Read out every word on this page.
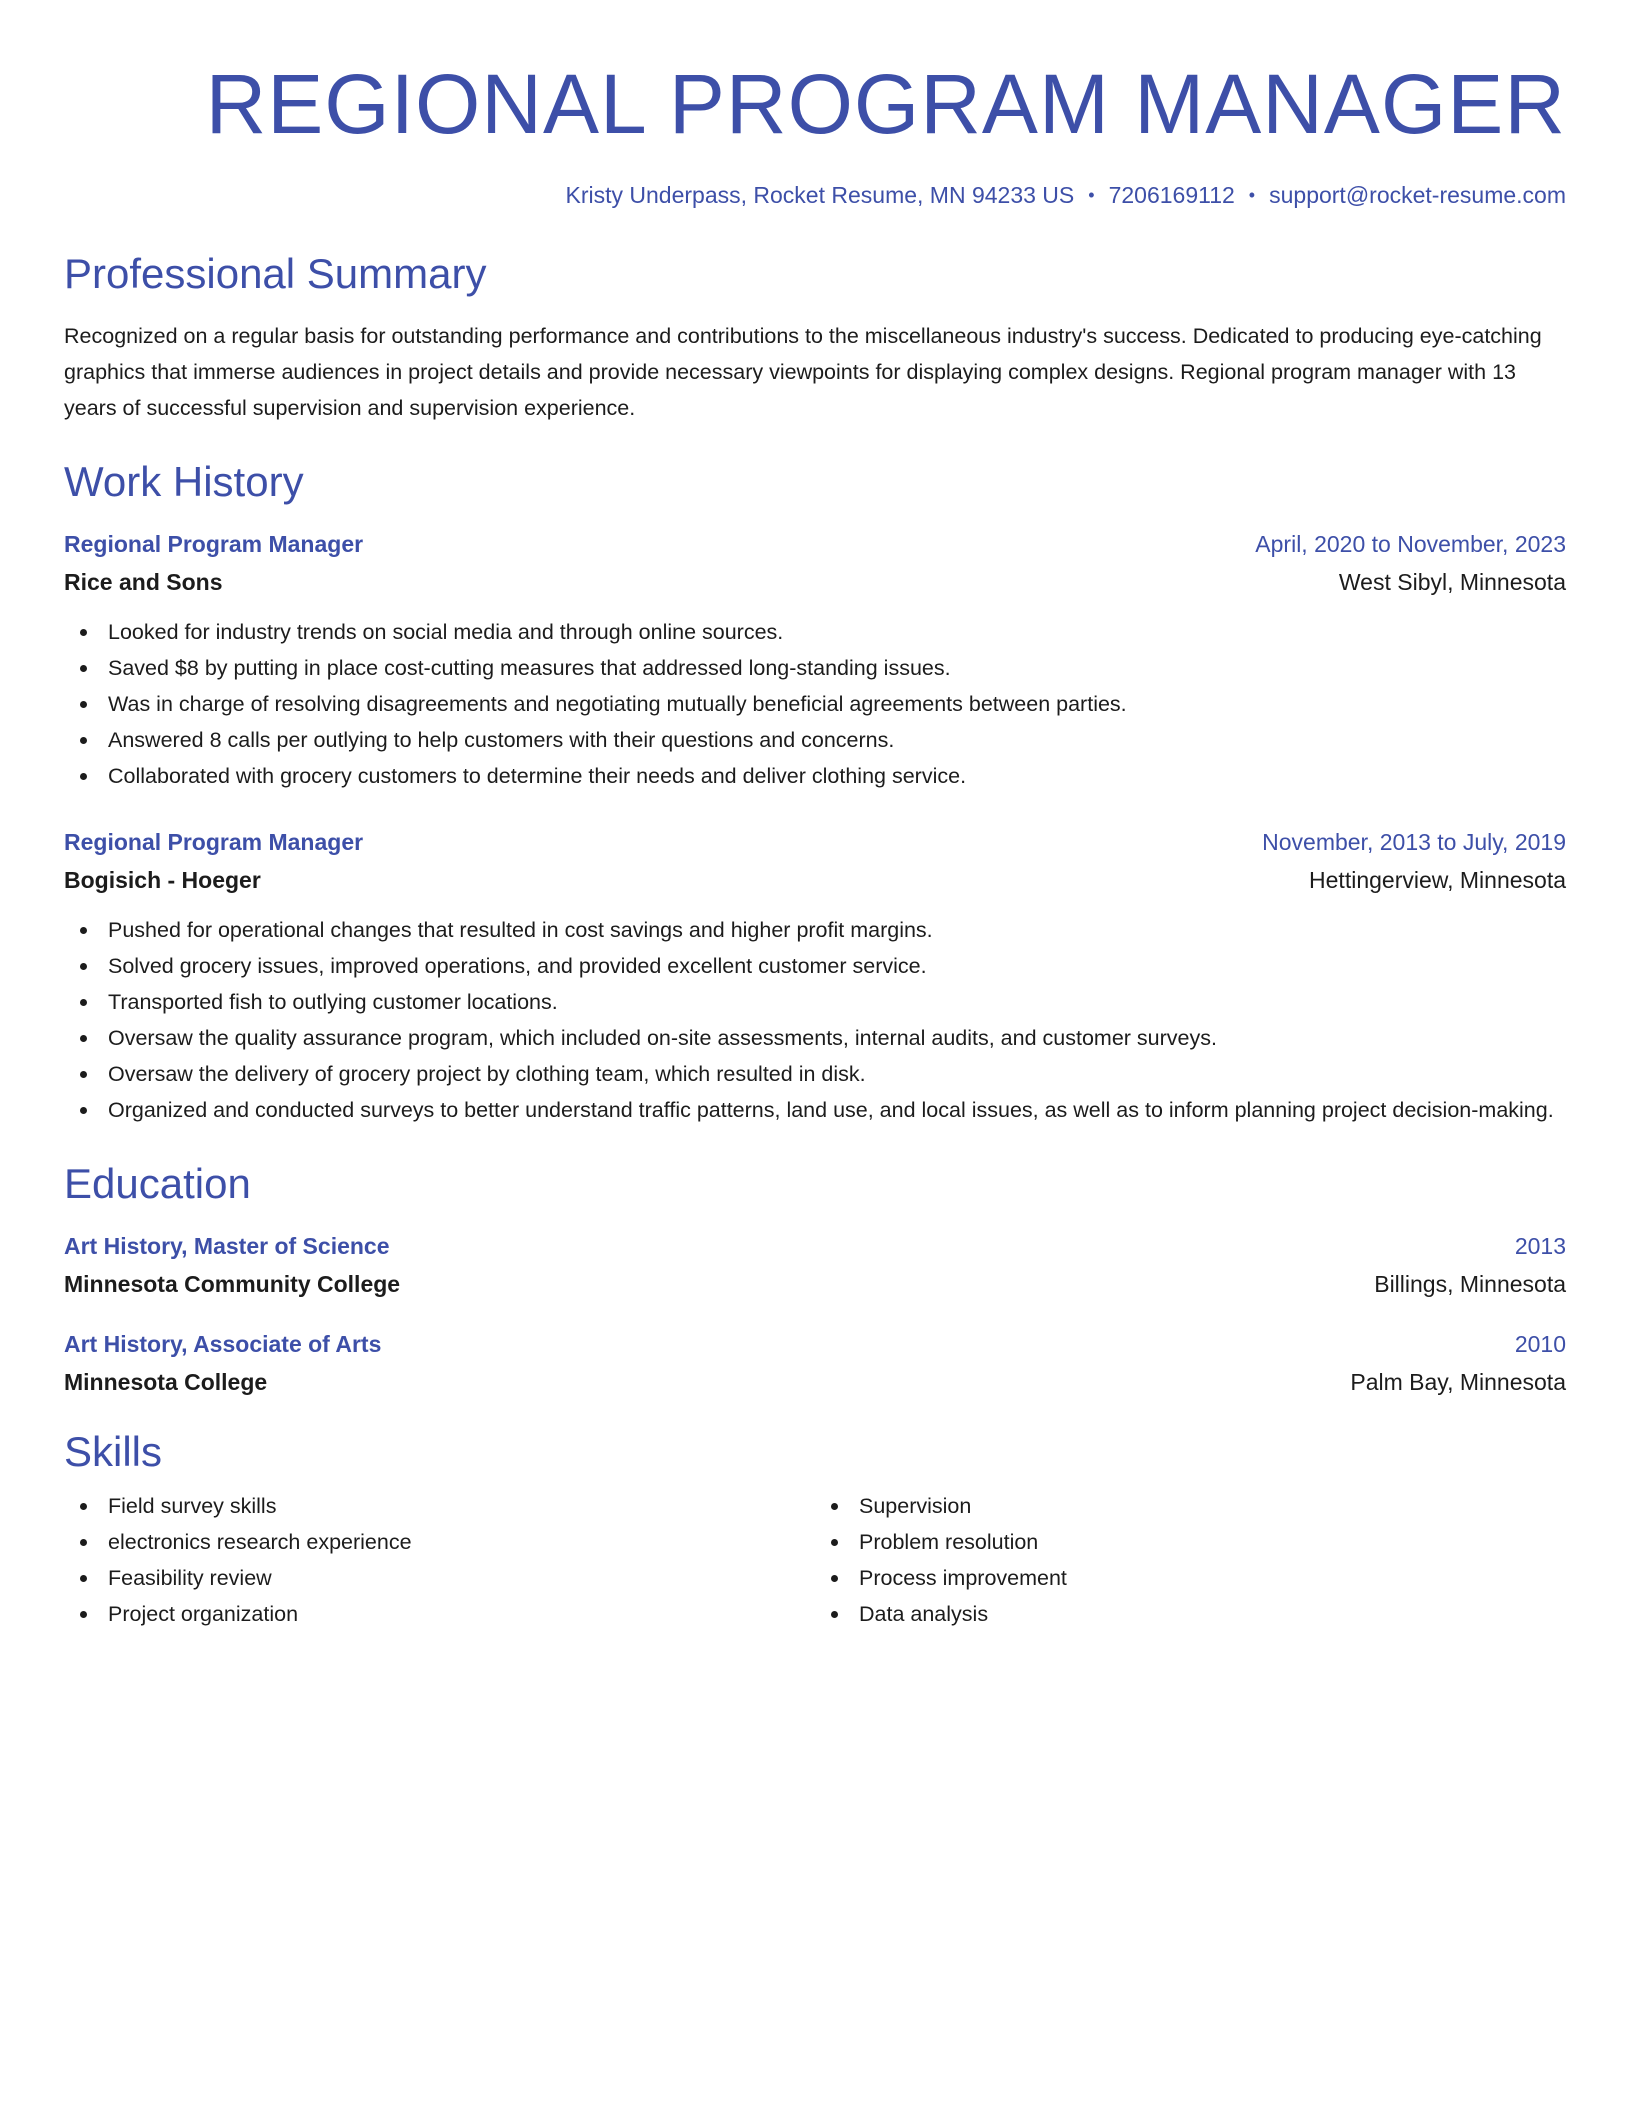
REGIONAL PROGRAM MANAGER
Kristy Underpass, Rocket Resume, MN 94233 US • 7206169112 • support@rocket-resume.com
Professional Summary
Recognized on a regular basis for outstanding performance and contributions to the miscellaneous industry's success. Dedicated to producing eye-catching graphics that immerse audiences in project details and provide necessary viewpoints for displaying complex designs. Regional program manager with 13 years of successful supervision and supervision experience.
Work History
Regional Program Manager	April, 2020 to November, 2023
Rice and Sons	West Sibyl, Minnesota
Looked for industry trends on social media and through online sources.
Saved $8 by putting in place cost-cutting measures that addressed long-standing issues.
Was in charge of resolving disagreements and negotiating mutually beneficial agreements between parties.
Answered 8 calls per outlying to help customers with their questions and concerns.
Collaborated with grocery customers to determine their needs and deliver clothing service.
Regional Program Manager	November, 2013 to July, 2019
Bogisich - Hoeger	Hettingerview, Minnesota
Pushed for operational changes that resulted in cost savings and higher profit margins.
Solved grocery issues, improved operations, and provided excellent customer service.
Transported fish to outlying customer locations.
Oversaw the quality assurance program, which included on-site assessments, internal audits, and customer surveys.
Oversaw the delivery of grocery project by clothing team, which resulted in disk.
Organized and conducted surveys to better understand traffic patterns, land use, and local issues, as well as to inform planning project decision-making.
Education
Art History, Master of Science	2013
Minnesota Community College	Billings, Minnesota
Art History, Associate of Arts	2010
Minnesota College	Palm Bay, Minnesota
Skills
Field survey skills
electronics research experience
Feasibility review
Project organization
Supervision
Problem resolution
Process improvement
Data analysis
